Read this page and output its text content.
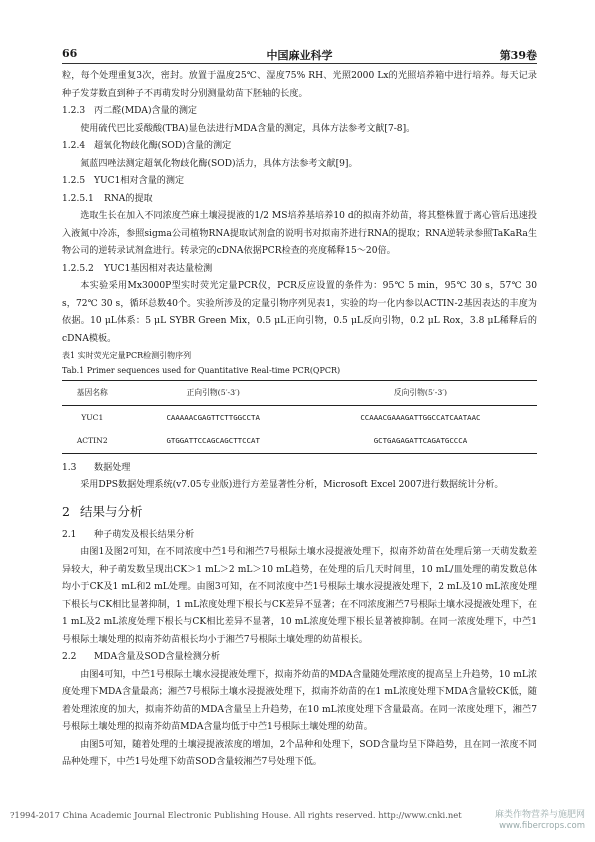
66	中国麻业科学	第39卷

粒，每个处理重复3次，密封。放置于温度25℃、湿度75% RH、光照2000 Lx的光照培养箱中进行培养。每天记录种子发芽数直到种子不再萌发时分别测量幼苗下胚轴的长度。

1.2.3 丙二醛(MDA)含量的测定

使用硫代巴比妥酸酸(TBA)显色法进行MDA含量的测定，具体方法参考文献[7-8]。

1.2.4 超氧化物歧化酶(SOD)含量的测定

氮蓝四唑法测定超氧化物歧化酶(SOD)活力，具体方法参考文献[9]。

1.2.5 YUC1相对含量的测定

1.2.5.1 RNA的提取

选取生长在加入不同浓度苎麻土壤浸提液的1/2 MS培养基培养10 d的拟南芥幼苗，将其整株置于离心管后迅速投入液氮中冷冻，参照sigma公司植物RNA提取试剂盒的说明书对拟南芥进行RNA的提取；RNA逆转录参照TaKaRa生物公司的逆转录试剂盒进行。转录完的cDNA依据PCR检查的亮度稀释15～20倍。

1.2.5.2 YUC1基因相对表达量检测

本实验采用Mx3000P型实时荧光定量PCR仪，PCR反应设置的条件为：95℃ 5 min，95℃ 30 s，57℃ 30 s，72℃ 30 s，循环总数40个。实验所涉及的定量引物序列见表1，实验的均一化内参以ACTIN-2基因表达的丰度为依据。10 μL体系：5 μL SYBR Green Mix，0.5 μL正向引物，0.5 μL反向引物，0.2 μL Rox，3.8 μL稀释后的cDNA模板。

表1 实时荧光定量PCR检测引物序列

Tab.1 Primer sequences used for Quantitative Real-time PCR(QPCR)

基因名称	正向引物(5′-3′)	反向引物(5′-3′)
YUC1	CAAAAACGAGTTCTTGGCCTA	CCAAACGAAAGATTGGCCATCAATAAC
ACTIN2	GTGGATTCCAGCAGCTTCCAT	GCTGAGAGATTCAGATGCCCA

1.3 数据处理

采用DPS数据处理系统(v7.05专业版)进行方差显著性分析，Microsoft Excel 2007进行数据统计分析。

2 结果与分析

2.1 种子萌发及根长结果分析

由图1及图2可知，在不同浓度中苎1号和湘苎7号根际土壤水浸提液处理下，拟南芥幼苗在处理后第一天萌发数差异较大，种子萌发数呈现出CK＞1 mL＞2 mL＞10 mL趋势，在处理的后几天时间里，10 mL/皿处理的萌发数总体均小于CK及1 mL和2 mL处理。由图3可知，在不同浓度中苎1号根际土壤水浸提液处理下，2 mL及10 mL浓度处理下根长与CK相比显著抑制，1 mL浓度处理下根长与CK差异不显著；在不同浓度湘苎7号根际土壤水浸提液处理下，在1 mL及2 mL浓度处理下根长与CK相比差异不显著，10 mL浓度处理下根长显著被抑制。在同一浓度处理下，中苎1号根际土壤处理的拟南芥幼苗根长均小于湘苎7号根际土壤处理的幼苗根长。

2.2 MDA含量及SOD含量检测分析

由图4可知，中苎1号根际土壤水浸提液处理下，拟南芥幼苗的MDA含量随处理浓度的提高呈上升趋势，10 mL浓度处理下MDA含量最高；湘苎7号根际土壤水浸提液处理下，拟南芥幼苗的在1 mL浓度处理下MDA含量较CK低，随着处理浓度的加大，拟南芥幼苗的MDA含量呈上升趋势，在10 mL浓度处理下含量最高。在同一浓度处理下，湘苎7号根际土壤处理的拟南芥幼苗MDA含量均低于中苎1号根际土壤处理的幼苗。

由图5可知，随着处理的土壤浸提液浓度的增加，2个品种和处理下，SOD含量均呈下降趋势，且在同一浓度不同品种处理下，中苎1号处理下幼苗SOD含量较湘苎7号处理下低。

?1994-2017 China Academic Journal Electronic Publishing House. All rights reserved. http://www.cnki.net	麻类作物营养与施肥网
www.fibercrops.com
